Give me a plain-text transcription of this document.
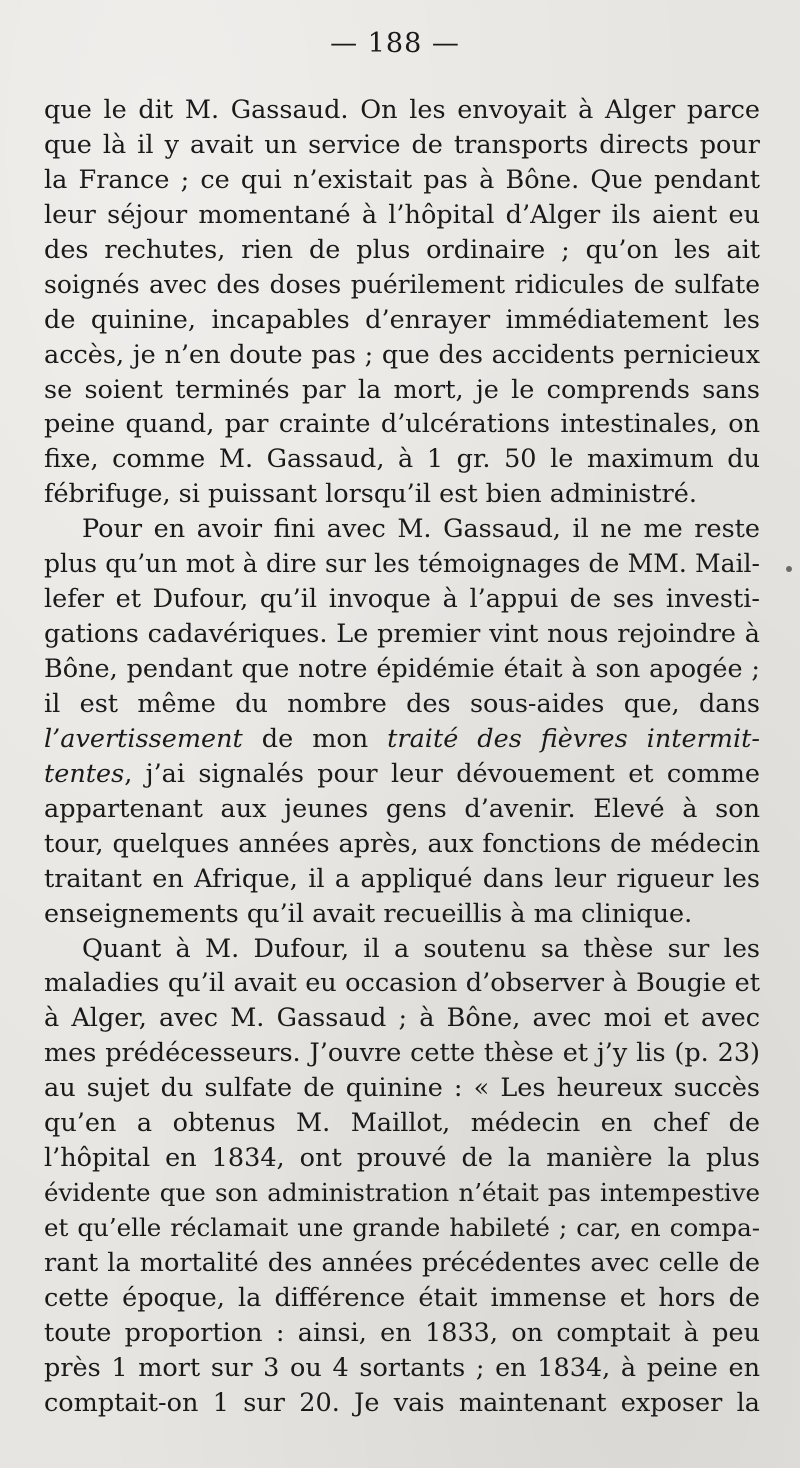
— 188 —
que le dit M. Gassaud. On les envoyait à Alger parce
que là il y avait un service de transports directs pour
la France ; ce qui n’existait pas à Bône. Que pendant
leur séjour momentané à l’hôpital d’Alger ils aient eu
des rechutes, rien de plus ordinaire ; qu’on les ait
soignés avec des doses puérilement ridicules de sulfate
de quinine, incapables d’enrayer immédiatement les
accès, je n’en doute pas ; que des accidents pernicieux
se soient terminés par la mort, je le comprends sans
peine quand, par crainte d’ulcérations intestinales, on
fixe, comme M. Gassaud, à 1 gr. 50 le maximum du
fébrifuge, si puissant lorsqu’il est bien administré.
Pour en avoir fini avec M. Gassaud, il ne me reste
plus qu’un mot à dire sur les témoignages de MM. Mail-
lefer et Dufour, qu’il invoque à l’appui de ses investi-
gations cadavériques. Le premier vint nous rejoindre à
Bône, pendant que notre épidémie était à son apogée ;
il est même du nombre des sous-aides que, dans
l’avertissement de mon traité des fièvres intermit-
tentes, j’ai signalés pour leur dévouement et comme
appartenant aux jeunes gens d’avenir. Elevé à son
tour, quelques années après, aux fonctions de médecin
traitant en Afrique, il a appliqué dans leur rigueur les
enseignements qu’il avait recueillis à ma clinique.
Quant à M. Dufour, il a soutenu sa thèse sur les
maladies qu’il avait eu occasion d’observer à Bougie et
à Alger, avec M. Gassaud ; à Bône, avec moi et avec
mes prédécesseurs. J’ouvre cette thèse et j’y lis (p. 23)
au sujet du sulfate de quinine : « Les heureux succès
qu’en a obtenus M. Maillot, médecin en chef de
l’hôpital en 1834, ont prouvé de la manière la plus
évidente que son administration n’était pas intempestive
et qu’elle réclamait une grande habileté ; car, en compa-
rant la mortalité des années précédentes avec celle de
cette époque, la différence était immense et hors de
toute proportion : ainsi, en 1833, on comptait à peu
près 1 mort sur 3 ou 4 sortants ; en 1834, à peine en
comptait-on 1 sur 20. Je vais maintenant exposer la
